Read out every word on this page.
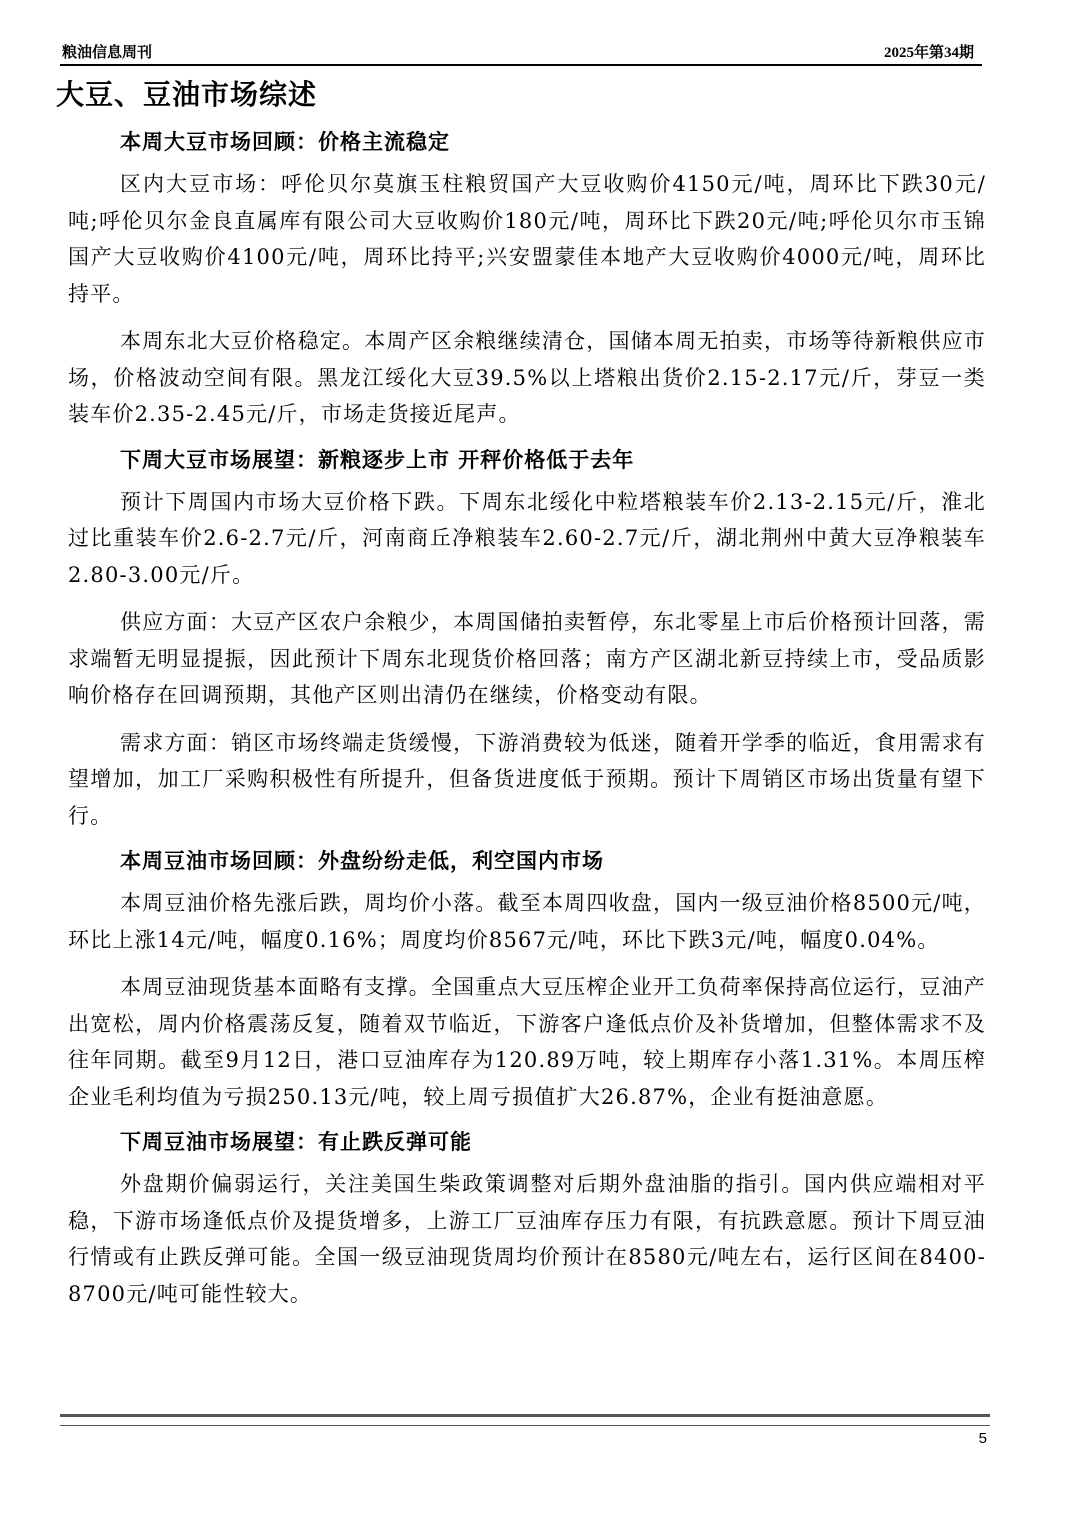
粮油信息周刊	2025年第34期
大豆、豆油市场综述
本周大豆市场回顾：价格主流稳定

区内大豆市场：呼伦贝尔莫旗玉柱粮贸国产大豆收购价4150元/吨，周环比下跌30元/吨;呼伦贝尔金良直属库有限公司大豆收购价180元/吨，周环比下跌20元/吨;呼伦贝尔市玉锦国产大豆收购价4100元/吨，周环比持平;兴安盟蒙佳本地产大豆收购价4000元/吨，周环比持平。

本周东北大豆价格稳定。本周产区余粮继续清仓，国储本周无拍卖，市场等待新粮供应市场，价格波动空间有限。黑龙江绥化大豆39.5%以上塔粮出货价2.15-2.17元/斤，芽豆一类装车价2.35-2.45元/斤，市场走货接近尾声。

下周大豆市场展望：新粮逐步上市 开秤价格低于去年

预计下周国内市场大豆价格下跌。下周东北绥化中粒塔粮装车价2.13-2.15元/斤，淮北过比重装车价2.6-2.7元/斤，河南商丘净粮装车2.60-2.7元/斤，湖北荆州中黄大豆净粮装车2.80-3.00元/斤。

供应方面：大豆产区农户余粮少，本周国储拍卖暂停，东北零星上市后价格预计回落，需求端暂无明显提振，因此预计下周东北现货价格回落；南方产区湖北新豆持续上市，受品质影响价格存在回调预期，其他产区则出清仍在继续，价格变动有限。

需求方面：销区市场终端走货缓慢，下游消费较为低迷，随着开学季的临近，食用需求有望增加，加工厂采购积极性有所提升，但备货进度低于预期。预计下周销区市场出货量有望下行。

本周豆油市场回顾：外盘纷纷走低，利空国内市场

本周豆油价格先涨后跌，周均价小落。截至本周四收盘，国内一级豆油价格8500元/吨，环比上涨14元/吨，幅度0.16%；周度均价8567元/吨，环比下跌3元/吨，幅度0.04%。

本周豆油现货基本面略有支撑。全国重点大豆压榨企业开工负荷率保持高位运行，豆油产出宽松，周内价格震荡反复，随着双节临近，下游客户逢低点价及补货增加，但整体需求不及往年同期。截至9月12日，港口豆油库存为120.89万吨，较上期库存小落1.31%。本周压榨企业毛利均值为亏损250.13元/吨，较上周亏损值扩大26.87%，企业有挺油意愿。

下周豆油市场展望：有止跌反弹可能

外盘期价偏弱运行，关注美国生柴政策调整对后期外盘油脂的指引。国内供应端相对平稳，下游市场逢低点价及提货增多，上游工厂豆油库存压力有限，有抗跌意愿。预计下周豆油行情或有止跌反弹可能。全国一级豆油现货周均价预计在8580元/吨左右，运行区间在8400-8700元/吨可能性较大。

5
